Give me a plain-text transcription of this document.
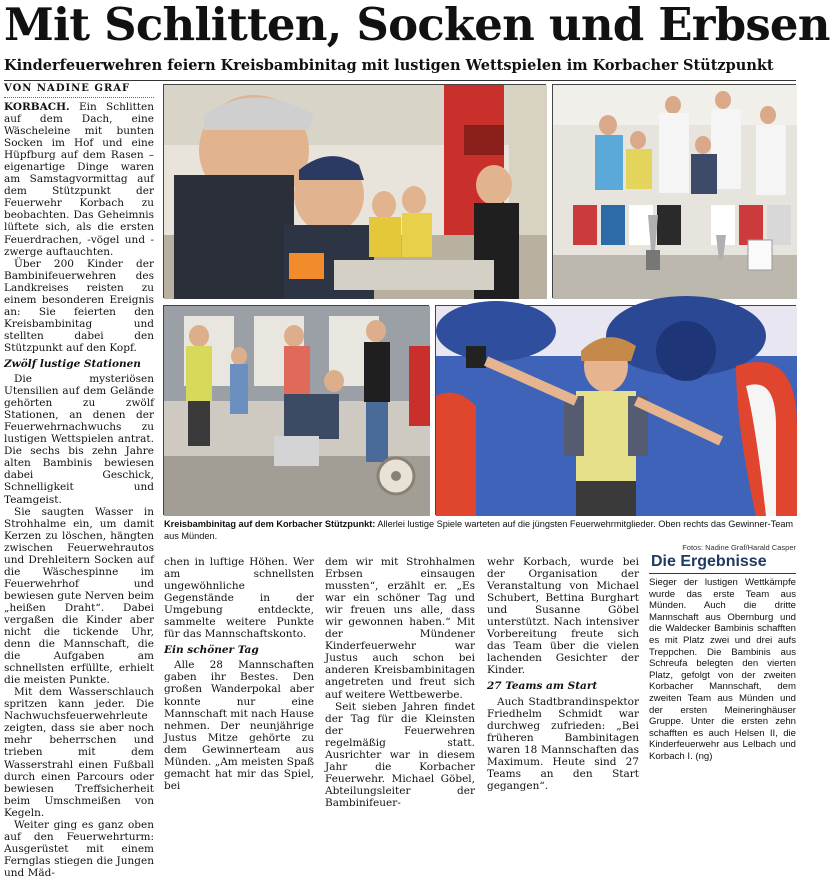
Mit Schlitten, Socken und Erbsen
Kinderfeuerwehren feiern Kreisbambinitag mit lustigen Wettspielen im Korbacher Stützpunkt
VON NADINE GRAF

KORBACH. Ein Schlitten auf dem Dach, eine Wäscheleine mit bunten Socken im Hof und eine Hüpfburg auf dem Rasen – eigenartige Dinge waren am Samstagvormittag auf dem Stützpunkt der Feuerwehr Korbach zu beobachten. Das Geheimnis lüftete sich, als die ersten Feuerdrachen, -vögel und -zwerge auftauchten.

Über 200 Kinder der Bambinifeuerwehren des Landkreises reisten zu einem besonderen Ereignis an: Sie feierten den Kreisbambinitag und stellten dabei den Stützpunkt auf den Kopf.

Zwölf lustige Stationen

Die mysteriösen Utensilien auf dem Gelände gehörten zu zwölf Stationen, an denen der Feuerwehrnachwuchs zu lustigen Wettspielen antrat. Die sechs bis zehn Jahre alten Bambinis bewiesen dabei Geschick, Schnelligkeit und Teamgeist.

Sie saugten Wasser in Strohhalme ein, um damit Kerzen zu löschen, hängten zwischen Feuerwehrautos und Drehleitern Socken auf die Wäschespinne im Feuerwehrhof und bewiesen gute Nerven beim „heißen Draht“. Dabei vergaßen die Kinder aber nicht die tickende Uhr, denn die Mannschaft, die die Aufgaben am schnellsten erfüllte, erhielt die meisten Punkte.

Mit dem Wasserschlauch spritzen kann jeder. Die Nachwuchsfeuerwehrleute zeigten, dass sie aber noch mehr beherrschen und trieben mit dem Wasserstrahl einen Fußball durch einen Parcours oder bewiesen Treffsicherheit beim Umschmeißen von Kegeln.

Weiter ging es ganz oben auf den Feuerwehrturm: Ausgerüstet mit einem Fernglas stiegen die Jungen und Mäd-

Kreisbambinitag auf dem Korbacher Stützpunkt: Allerlei lustige Spiele warteten auf die jüngsten Feuerwehrmitglieder. Oben rechts das Gewinner-Team aus Münden.
Fotos: Nadine Graf/Harald Casper

chen in luftige Höhen. Wer am schnellsten ungewöhnliche Gegenstände in der Umgebung entdeckte, sammelte weitere Punkte für das Mannschaftskonto.

Ein schöner Tag

Alle 28 Mannschaften gaben ihr Bestes. Den großen Wanderpokal aber konnte nur eine Mannschaft mit nach Hause nehmen. Der neunjährige Justus Mitze gehörte zu dem Gewinnerteam aus Münden. „Am meisten Spaß gemacht hat mir das Spiel, bei

dem wir mit Strohhalmen Erbsen einsaugen mussten“, erzählt er. „Es war ein schöner Tag und wir freuen uns alle, dass wir gewonnen haben.“ Mit der Mündener Kinderfeuerwehr war Justus auch schon bei anderen Kreisbambinitagen angetreten und freut sich auf weitere Wettbewerbe.

Seit sieben Jahren findet der Tag für die Kleinsten der Feuerwehren regelmäßig statt. Ausrichter war in diesem Jahr die Korbacher Feuerwehr. Michael Göbel, Abteilungsleiter der Bambinifeuer-

wehr Korbach, wurde bei der Organisation der Veranstaltung von Michael Schubert, Bettina Burghart und Susanne Göbel unterstützt. Nach intensiver Vorbereitung freute sich das Team über die vielen lachenden Gesichter der Kinder.

27 Teams am Start

Auch Stadtbrandinspektor Friedhelm Schmidt war durchweg zufrieden: „Bei früheren Bambinitagen waren 18 Mannschaften das Maximum. Heute sind 27 Teams an den Start gegangen“.

Die Ergebnisse
Sieger der lustigen Wettkämpfe wurde das erste Team aus Münden. Auch die dritte Mannschaft aus Obernburg und die Waldecker Bambinis schafften es mit Platz zwei und drei aufs Treppchen. Die Bambinis aus Schreufa belegten den vierten Platz, gefolgt von der zweiten Korbacher Mannschaft, dem zweiten Team aus Münden und der ersten Meineringhäuser Gruppe. Unter die ersten zehn schafften es auch Helsen II, die Kinderfeuerwehr aus Lelbach und Korbach I. (ng)
